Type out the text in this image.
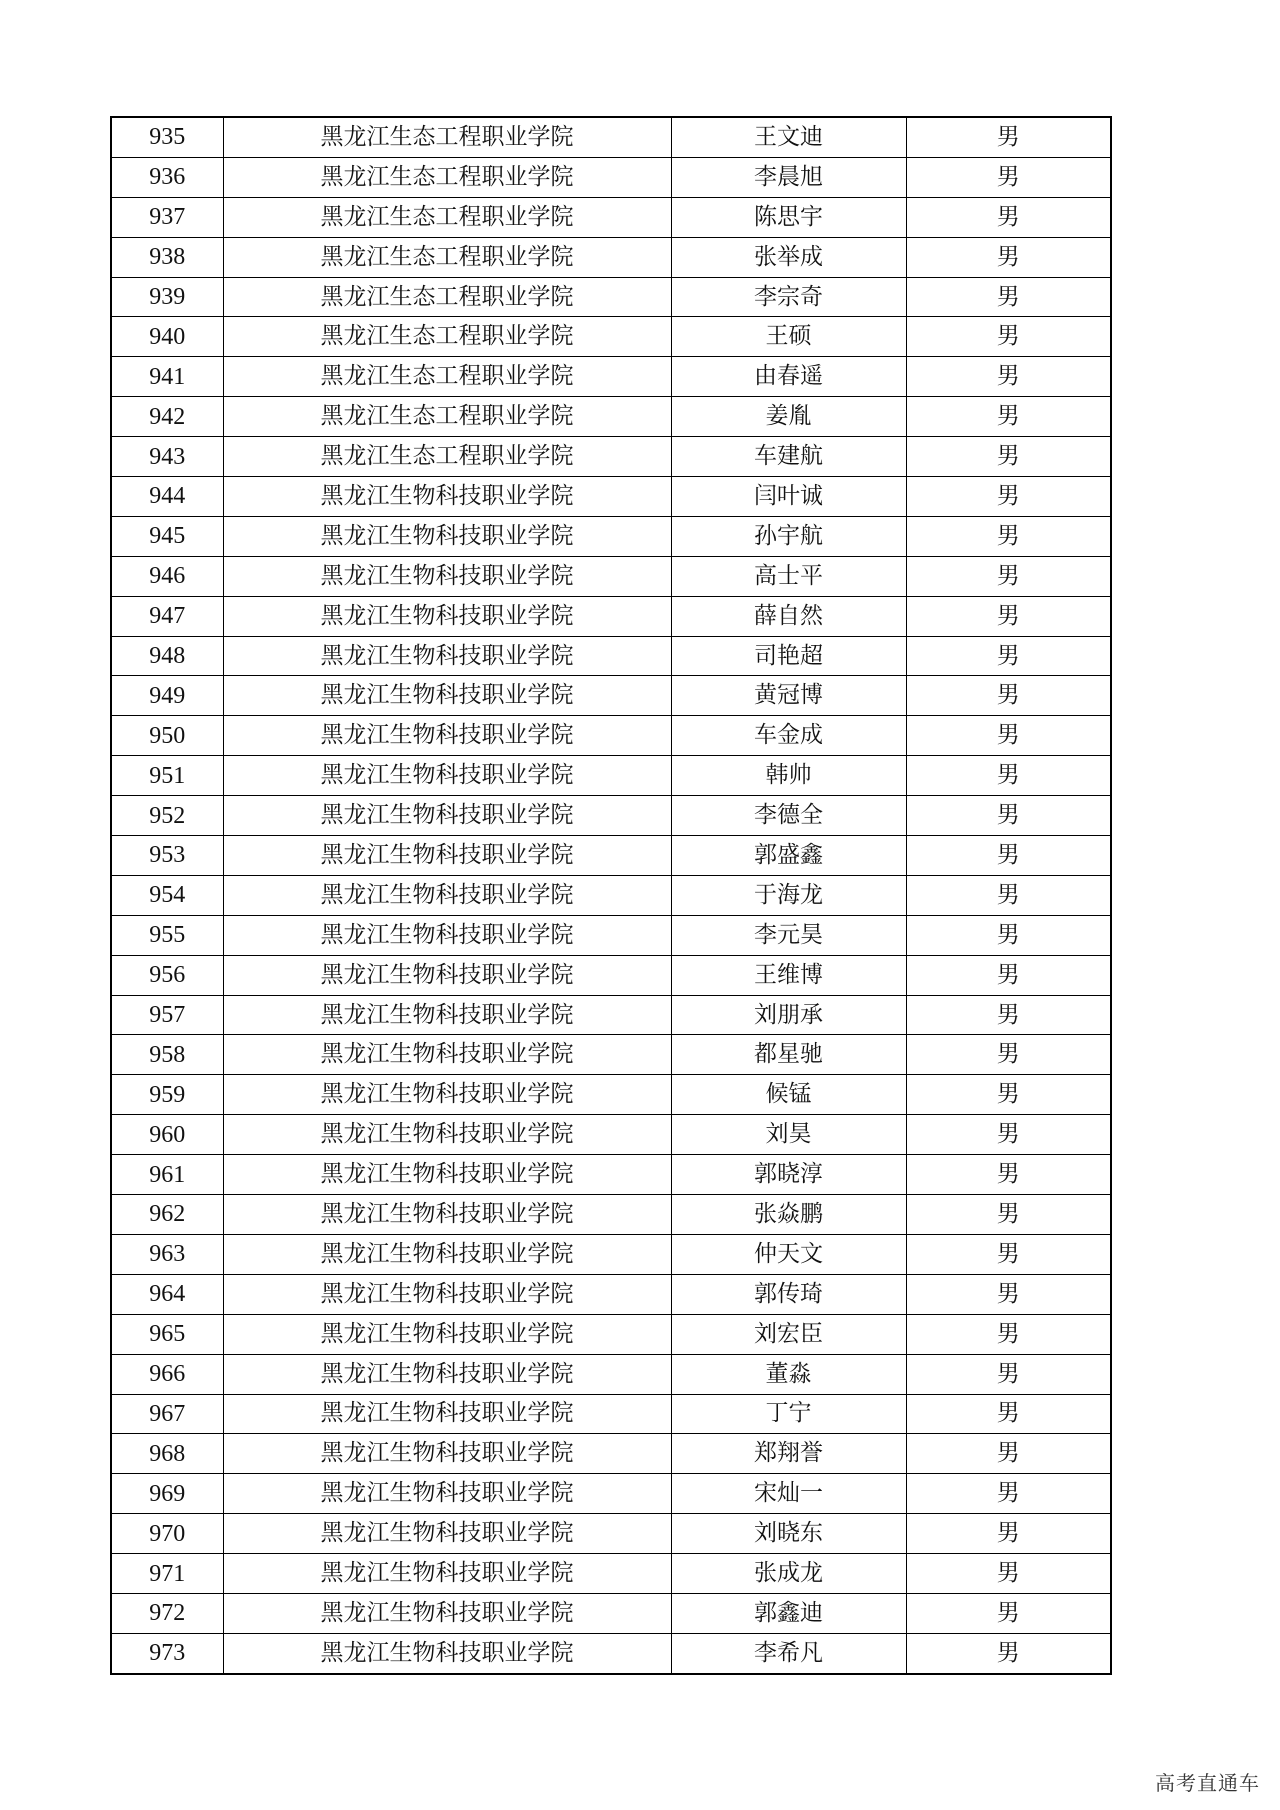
935	黑龙江生态工程职业学院	王文迪	男
936	黑龙江生态工程职业学院	李晨旭	男
937	黑龙江生态工程职业学院	陈思宇	男
938	黑龙江生态工程职业学院	张举成	男
939	黑龙江生态工程职业学院	李宗奇	男
940	黑龙江生态工程职业学院	王硕	男
941	黑龙江生态工程职业学院	由春遥	男
942	黑龙江生态工程职业学院	姜胤	男
943	黑龙江生态工程职业学院	车建航	男
944	黑龙江生物科技职业学院	闫叶诚	男
945	黑龙江生物科技职业学院	孙宇航	男
946	黑龙江生物科技职业学院	高士平	男
947	黑龙江生物科技职业学院	薛自然	男
948	黑龙江生物科技职业学院	司艳超	男
949	黑龙江生物科技职业学院	黄冠博	男
950	黑龙江生物科技职业学院	车金成	男
951	黑龙江生物科技职业学院	韩帅	男
952	黑龙江生物科技职业学院	李德全	男
953	黑龙江生物科技职业学院	郭盛鑫	男
954	黑龙江生物科技职业学院	于海龙	男
955	黑龙江生物科技职业学院	李元昊	男
956	黑龙江生物科技职业学院	王维博	男
957	黑龙江生物科技职业学院	刘朋承	男
958	黑龙江生物科技职业学院	都星驰	男
959	黑龙江生物科技职业学院	候锰	男
960	黑龙江生物科技职业学院	刘昊	男
961	黑龙江生物科技职业学院	郭晓淳	男
962	黑龙江生物科技职业学院	张焱鹏	男
963	黑龙江生物科技职业学院	仲天文	男
964	黑龙江生物科技职业学院	郭传琦	男
965	黑龙江生物科技职业学院	刘宏臣	男
966	黑龙江生物科技职业学院	董淼	男
967	黑龙江生物科技职业学院	丁宁	男
968	黑龙江生物科技职业学院	郑翔誉	男
969	黑龙江生物科技职业学院	宋灿一	男
970	黑龙江生物科技职业学院	刘晓东	男
971	黑龙江生物科技职业学院	张成龙	男
972	黑龙江生物科技职业学院	郭鑫迪	男
973	黑龙江生物科技职业学院	李希凡	男
高考直通车
